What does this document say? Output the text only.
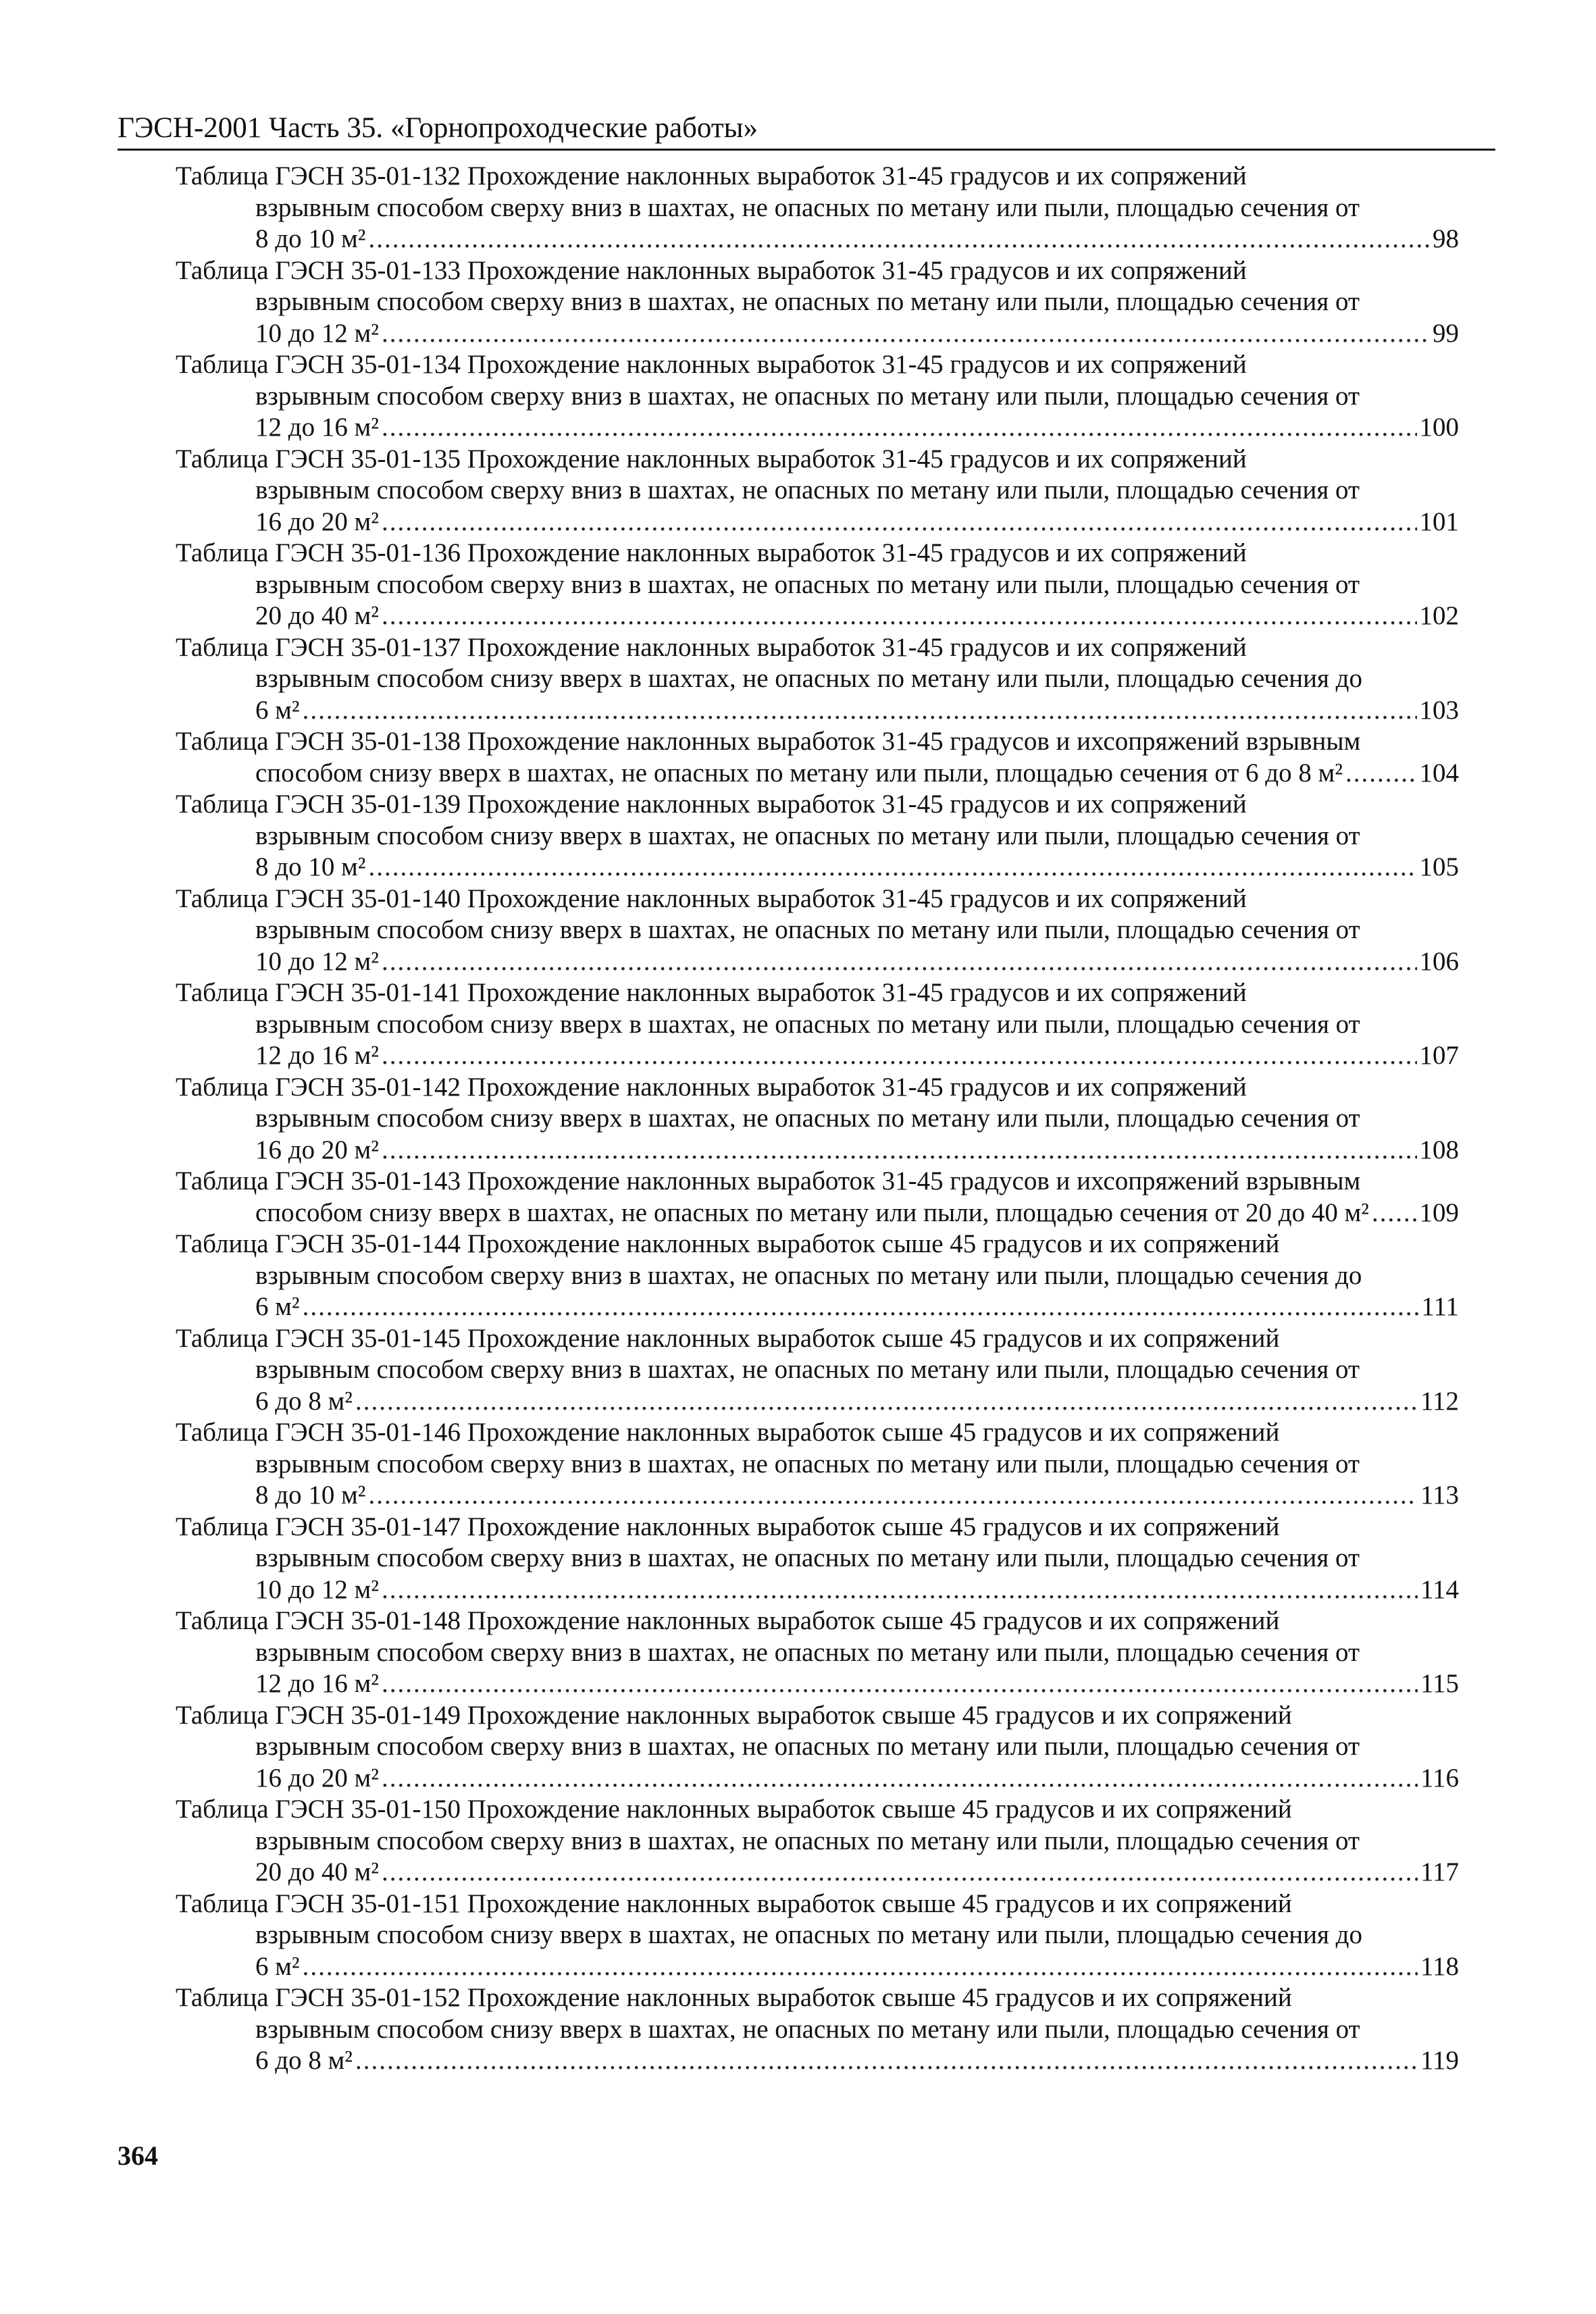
ГЭСН-2001 Часть 35. «Горнопроходческие работы»
Таблица ГЭСН 35-01-132 Прохождение наклонных выработок 31-45 градусов и их сопряжений
взрывным способом сверху вниз в шахтах, не опасных по метану или пыли, площадью сечения от
8 до 10 м² .....	98
Таблица ГЭСН 35-01-133 Прохождение наклонных выработок 31-45 градусов и их сопряжений
взрывным способом сверху вниз в шахтах, не опасных по метану или пыли, площадью сечения от
10 до 12 м² .....	99
Таблица ГЭСН 35-01-134 Прохождение наклонных выработок 31-45 градусов и их сопряжений
взрывным способом сверху вниз в шахтах, не опасных по метану или пыли, площадью сечения от
12 до 16 м² .....	100
Таблица ГЭСН 35-01-135 Прохождение наклонных выработок 31-45 градусов и их сопряжений
взрывным способом сверху вниз в шахтах, не опасных по метану или пыли, площадью сечения от
16 до 20 м² .....	101
Таблица ГЭСН 35-01-136 Прохождение наклонных выработок 31-45 градусов и их сопряжений
взрывным способом сверху вниз в шахтах, не опасных по метану или пыли, площадью сечения от
20 до 40 м² .....	102
Таблица ГЭСН 35-01-137 Прохождение наклонных выработок 31-45 градусов и их сопряжений
взрывным способом снизу вверх в шахтах, не опасных по метану или пыли, площадью сечения до
6 м² .....	103
Таблица ГЭСН 35-01-138 Прохождение наклонных выработок 31-45 градусов и ихсопряжений взрывным
способом снизу вверх в шахтах, не опасных по метану или пыли, площадью сечения от 6 до 8 м² .....	104
Таблица ГЭСН 35-01-139 Прохождение наклонных выработок 31-45 градусов и их сопряжений
взрывным способом снизу вверх в шахтах, не опасных по метану или пыли, площадью сечения от
8 до 10 м² .....	105
Таблица ГЭСН 35-01-140 Прохождение наклонных выработок 31-45 градусов и их сопряжений
взрывным способом снизу вверх в шахтах, не опасных по метану или пыли, площадью сечения от
10 до 12 м² .....	106
Таблица ГЭСН 35-01-141 Прохождение наклонных выработок 31-45 градусов и их сопряжений
взрывным способом снизу вверх в шахтах, не опасных по метану или пыли, площадью сечения от
12 до 16 м² .....	107
Таблица ГЭСН 35-01-142 Прохождение наклонных выработок 31-45 градусов и их сопряжений
взрывным способом снизу вверх в шахтах, не опасных по метану или пыли, площадью сечения от
16 до 20 м² .....	108
Таблица ГЭСН 35-01-143 Прохождение наклонных выработок 31-45 градусов и ихсопряжений взрывным
способом снизу вверх в шахтах, не опасных по метану или пыли, площадью сечения от 20 до 40 м² ..... 109
Таблица ГЭСН 35-01-144 Прохождение наклонных выработок сыше 45 градусов и их сопряжений
взрывным способом сверху вниз в шахтах, не опасных по метану или пыли, площадью сечения до
6 м² .....	111
Таблица ГЭСН 35-01-145 Прохождение наклонных выработок сыше 45 градусов и их сопряжений
взрывным способом сверху вниз в шахтах, не опасных по метану или пыли, площадью сечения от
6 до 8 м² .....	112
Таблица ГЭСН 35-01-146 Прохождение наклонных выработок сыше 45 градусов и их сопряжений
взрывным способом сверху вниз в шахтах, не опасных по метану или пыли, площадью сечения от
8 до 10 м² .....	113
Таблица ГЭСН 35-01-147 Прохождение наклонных выработок сыше 45 градусов и их сопряжений
взрывным способом сверху вниз в шахтах, не опасных по метану или пыли, площадью сечения от
10 до 12 м² .....	114
Таблица ГЭСН 35-01-148 Прохождение наклонных выработок сыше 45 градусов и их сопряжений
взрывным способом сверху вниз в шахтах, не опасных по метану или пыли, площадью сечения от
12 до 16 м² .....	115
Таблица ГЭСН 35-01-149 Прохождение наклонных выработок свыше 45 градусов и их сопряжений
взрывным способом сверху вниз в шахтах, не опасных по метану или пыли, площадью сечения от
16 до 20 м² .....	116
Таблица ГЭСН 35-01-150 Прохождение наклонных выработок свыше 45 градусов и их сопряжений
взрывным способом сверху вниз в шахтах, не опасных по метану или пыли, площадью сечения от
20 до 40 м² .....	117
Таблица ГЭСН 35-01-151 Прохождение наклонных выработок свыше 45 градусов и их сопряжений
взрывным способом снизу вверх в шахтах, не опасных по метану или пыли, площадью сечения до
6 м² .....	118
Таблица ГЭСН 35-01-152 Прохождение наклонных выработок свыше 45 градусов и их сопряжений
взрывным способом снизу вверх в шахтах, не опасных по метану или пыли, площадью сечения от
6 до 8 м² .....	119
364
